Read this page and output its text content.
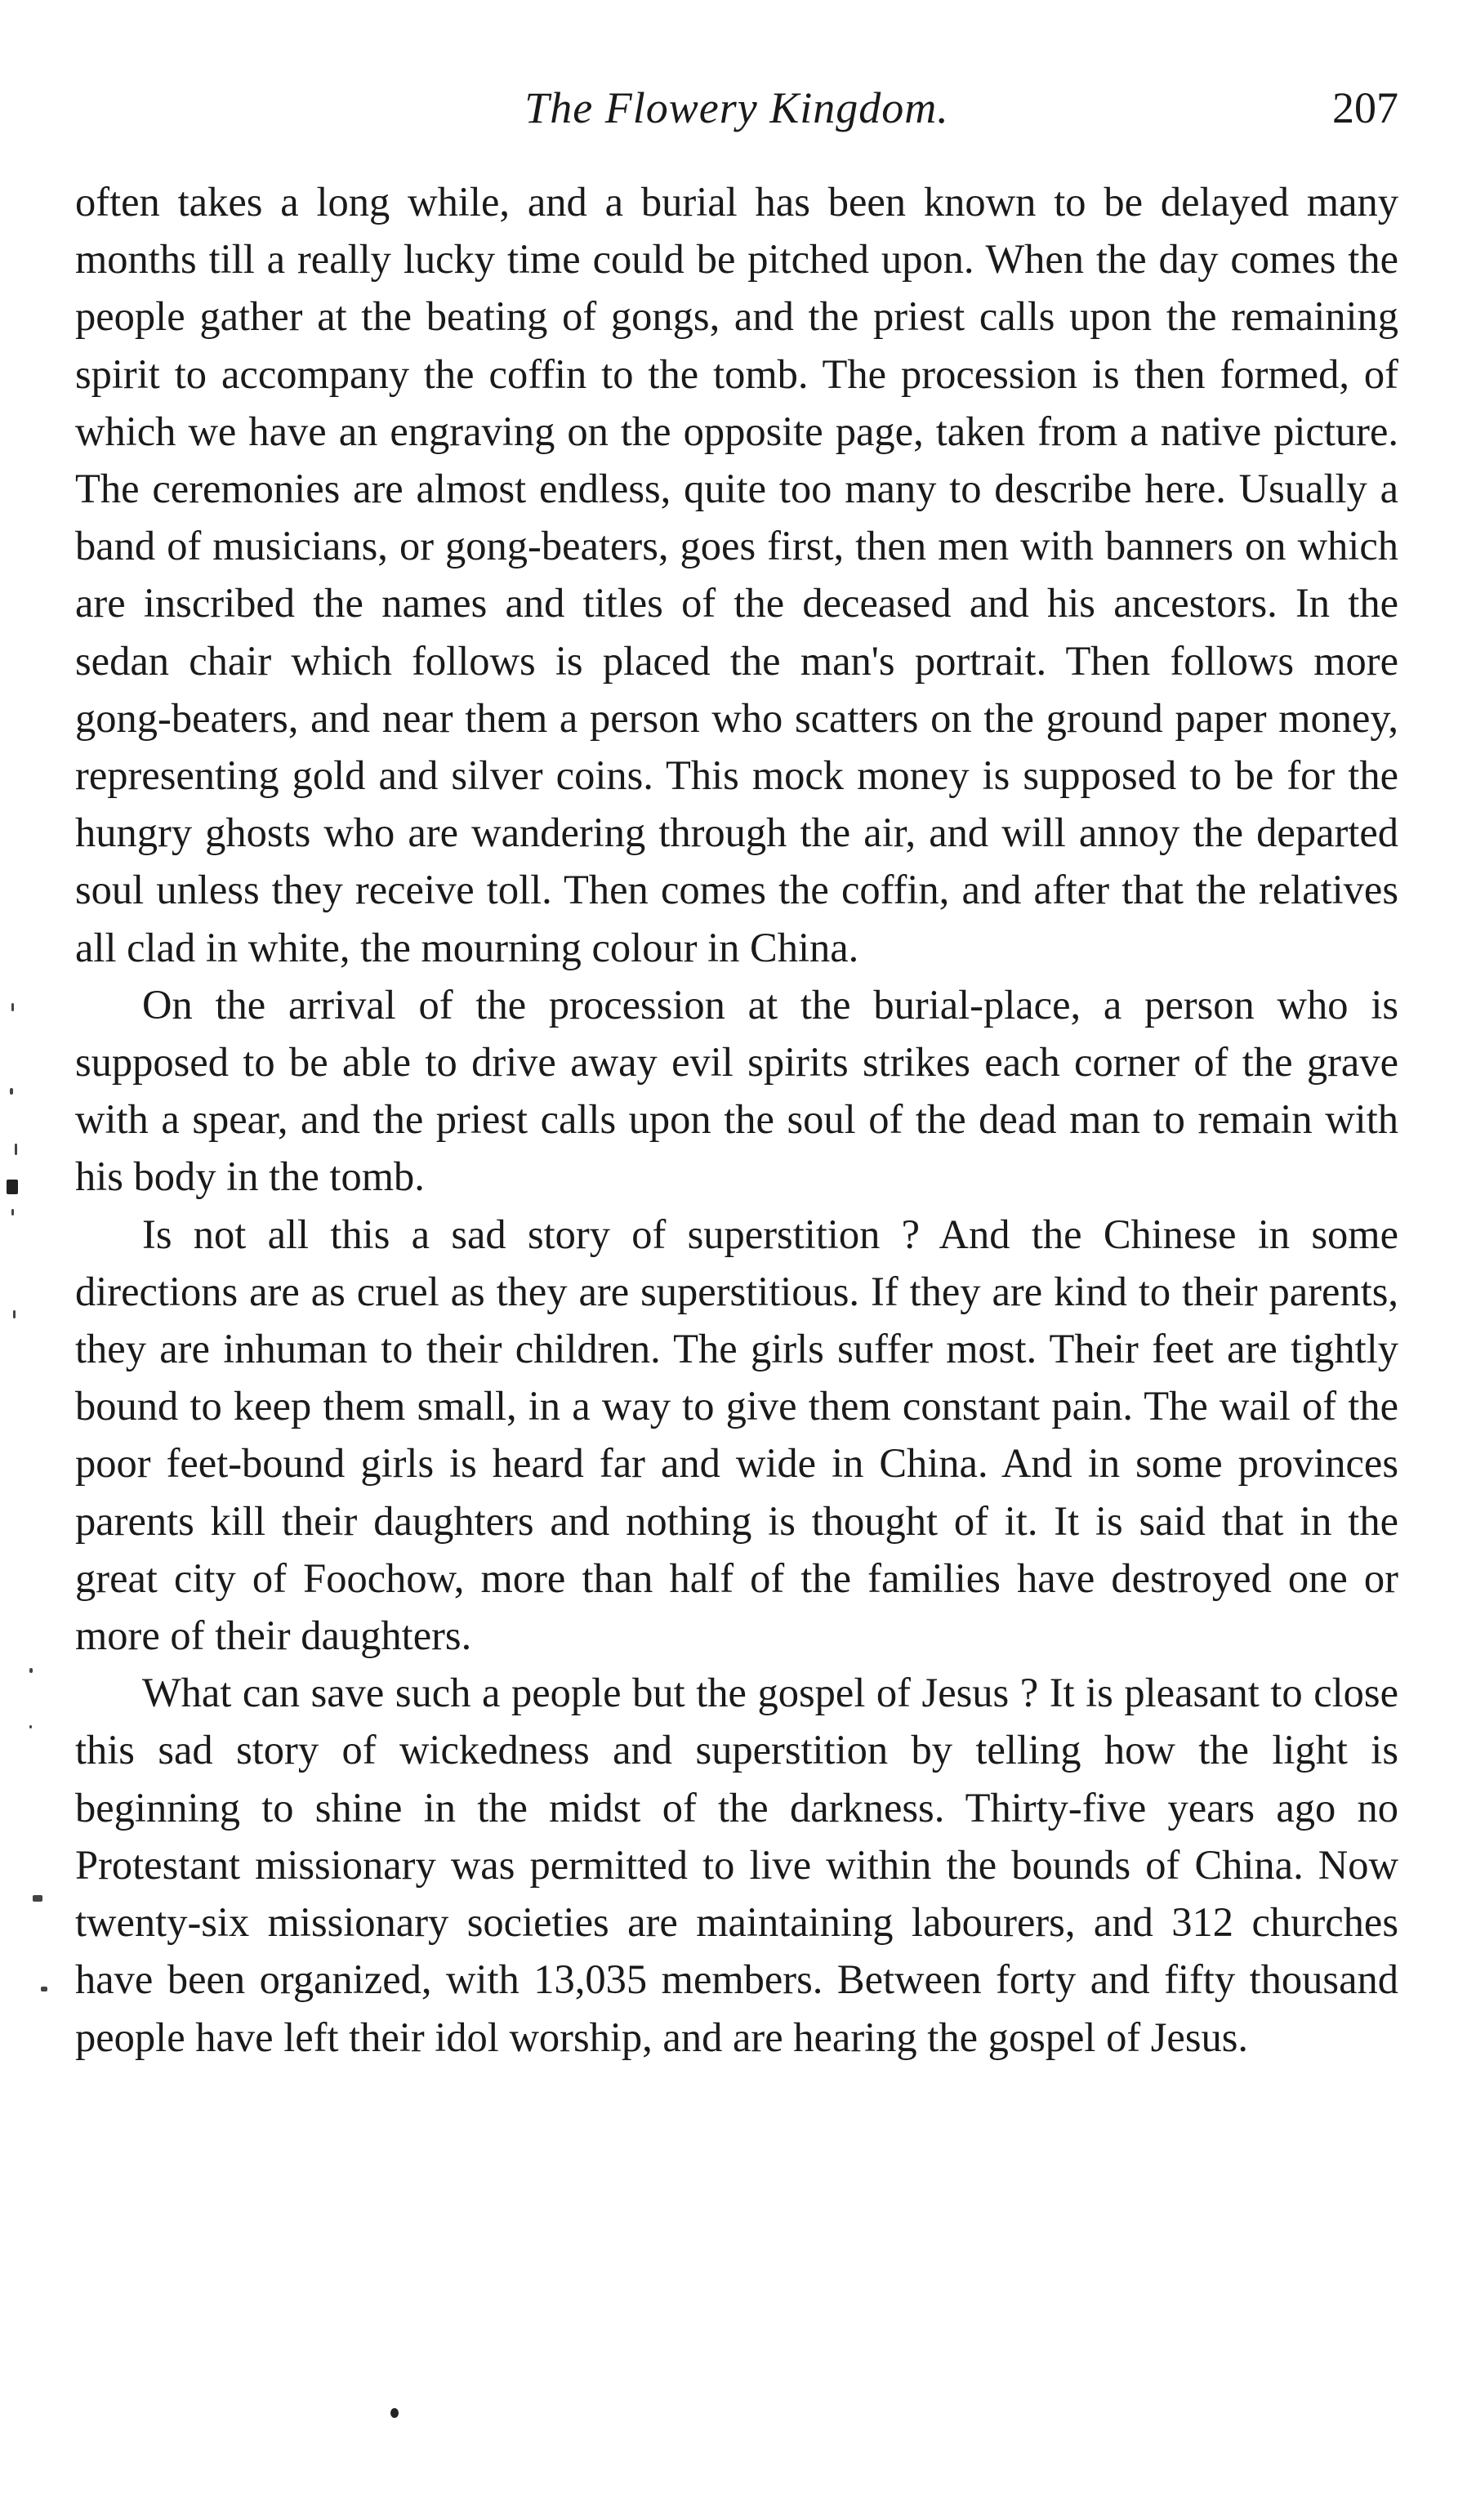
The Flowery Kingdom.	207

often takes a long while, and a burial has been known to be delayed many months till a really lucky time could be pitched upon. When the day comes the people gather at the beating of gongs, and the priest calls upon the remaining spirit to accompany the coffin to the tomb. The procession is then formed, of which we have an engraving on the opposite page, taken from a native picture. The ceremonies are almost endless, quite too many to describe here. Usually a band of musicians, or gong-beaters, goes first, then men with banners on which are inscribed the names and titles of the deceased and his ancestors. In the sedan chair which follows is placed the man's portrait. Then follows more gong-beaters, and near them a person who scatters on the ground paper money, representing gold and silver coins. This mock money is supposed to be for the hungry ghosts who are wandering through the air, and will annoy the departed soul unless they receive toll. Then comes the coffin, and after that the relatives all clad in white, the mourning colour in China.

On the arrival of the procession at the burial-place, a person who is supposed to be able to drive away evil spirits strikes each corner of the grave with a spear, and the priest calls upon the soul of the dead man to remain with his body in the tomb.

Is not all this a sad story of superstition ? And the Chinese in some directions are as cruel as they are superstitious. If they are kind to their parents, they are inhuman to their children. The girls suffer most. Their feet are tightly bound to keep them small, in a way to give them constant pain. The wail of the poor feet-bound girls is heard far and wide in China. And in some provinces parents kill their daughters and nothing is thought of it. It is said that in the great city of Foochow, more than half of the families have destroyed one or more of their daughters.

What can save such a people but the gospel of Jesus ? It is pleasant to close this sad story of wickedness and superstition by telling how the light is beginning to shine in the midst of the darkness. Thirty-five years ago no Protestant missionary was permitted to live within the bounds of China. Now twenty-six missionary societies are maintaining labourers, and 312 churches have been organized, with 13,035 members. Between forty and fifty thousand people have left their idol worship, and are hearing the gospel of Jesus.
